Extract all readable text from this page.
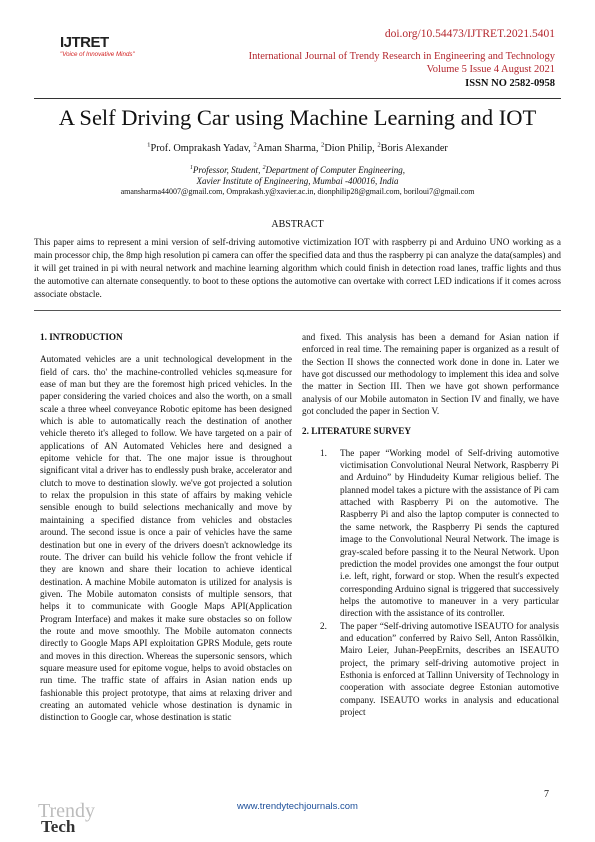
IJTRET
"Voice of Innovative Minds"
doi.org/10.54473/IJTRET.2021.5401
International Journal of Trendy Research in Engineering and Technology
Volume 5 Issue 4 August 2021
ISSN NO 2582-0958
A Self Driving Car using Machine Learning and IOT
$^1$Prof. Omprakash Yadav, $^2$Aman Sharma, $^2$Dion Philip, $^2$Boris Alexander
$^1$Professor, Student, $^2$Department of Computer Engineering,
Xavier Institute of Engineering, Mumbai -400016, India
amansharma44007@gmail.com, Omprakash.y@xavier.ac.in, dionphilip28@gmail.com, boriloui7@gmail.com
ABSTRACT
This paper aims to represent a mini version of self-driving automotive victimization IOT with raspberry pi and Arduino UNO working as a main processor chip, the 8mp high resolution pi camera can offer the specified data and thus the raspberry pi can analyze the data(samples) and it will get trained in pi with neural network and machine learning algorithm which could finish in detection road lanes, traffic lights and thus the automotive can alternate consequently. to boot to these options the automotive can overtake with correct LED indications if it comes across associate obstacle.
1. INTRODUCTION

Automated vehicles are a unit technological development in the field of cars. tho' the machine-controlled vehicles sq.measure for ease of man but they are the foremost high priced vehicles. In the paper considering the varied choices and also the worth, on a small scale a three wheel conveyance Robotic epitome has been designed which is able to automatically reach the destination of another vehicle thereto it's alleged to follow. We have targeted on a pair of applications of AN Automated Vehicles here and designed a epitome vehicle for that. The one major issue is throughout significant vital a driver has to endlessly push brake, accelerator and clutch to move to destination slowly. we've got projected a solution to relax the propulsion in this state of affairs by making vehicle sensible enough to build selections mechanically and move by maintaining a specified distance from vehicles and obstacles around. The second issue is once a pair of vehicles have the same destination but one in every of the drivers doesn't acknowledge its route. The driver can build his vehicle follow the front vehicle if they are known and share their location to achieve identical destination. A machine Mobile automaton is utilized for analysis is given. The Mobile automaton consists of multiple sensors, that helps it to communicate with Google Maps API(Application Program Interface) and makes it make sure obstacles so on follow the route and move smoothly. The Mobile automaton connects directly to Google Maps API exploitation GPRS Module, gets route and moves in this direction. Whereas the supersonic sensors, which square measure used for epitome vogue, helps to avoid obstacles on run time. The traffic state of affairs in Asian nation ends up fashionable this project prototype, that aims at relaxing driver and creating an automated vehicle whose destination is dynamic in distinction to Google car, whose destination is static

and fixed. This analysis has been a demand for Asian nation if enforced in real time. The remaining paper is organized as a result of the Section II shows the connected work done in done in. Later we have got discussed our methodology to implement this idea and solve the matter in Section III. Then we have got shown performance analysis of our Mobile automaton in Section IV and finally, we have got concluded the paper in Section V.

2. LITERATURE SURVEY
1. The paper “Working model of Self-driving automotive victimisation Convolutional Neural Network, Raspberry Pi and Arduino” by Hindudeity Kumar religious belief. The planned model takes a picture with the assistance of Pi cam attached with Raspberry Pi on the automotive. The Raspberry Pi and also the laptop computer is connected to the same network, the Raspberry Pi sends the captured image to the Convolutional Neural Network. The image is gray-scaled before passing it to the Neural Network. Upon prediction the model provides one amongst the four output i.e. left, right, forward or stop. When the result's expected corresponding Arduino signal is triggered that successively helps the automotive to maneuver in a very particular direction with the assistance of its controller.
2. The paper “Self-driving automotive ISEAUTO for analysis and education” conferred by Raivo Sell, Anton Rassölkin, Mairo Leier, Juhan-PeepErnits, describes an ISEAUTO project, the primary self-driving automotive project in Esthonia is enforced at Tallinn University of Technology in cooperation with associate degree Estonian automotive company. ISEAUTO works in analysis and educational project
7
Trendy
Tech
www.trendytechjournals.com
